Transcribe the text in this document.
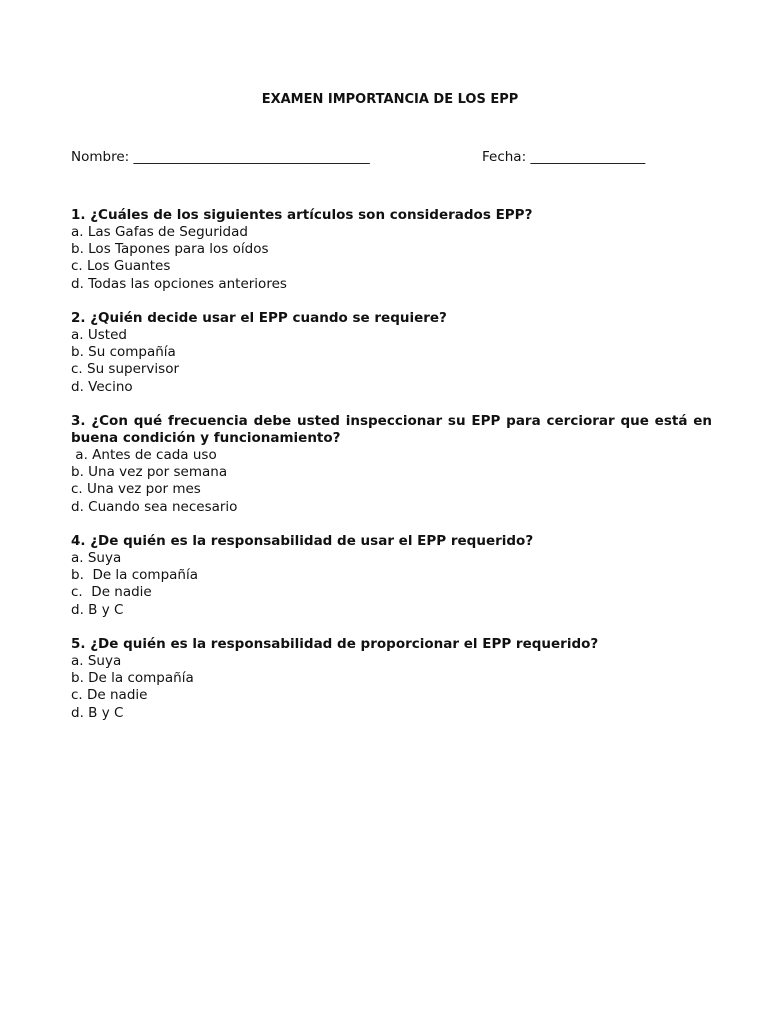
EXAMEN IMPORTANCIA DE LOS EPP
Nombre: ___________________________________	Fecha: _________________
1. ¿Cuáles de los siguientes artículos son considerados EPP?
a. Las Gafas de Seguridad
b. Los Tapones para los oídos
c. Los Guantes
d. Todas las opciones anteriores
2. ¿Quién decide usar el EPP cuando se requiere?
a. Usted
b. Su compañía
c. Su supervisor
d. Vecino
3. ¿Con qué frecuencia debe usted inspeccionar su EPP para cerciorar que está en buena condición y funcionamiento?
a. Antes de cada uso
b. Una vez por semana
c. Una vez por mes
d. Cuando sea necesario
4. ¿De quién es la responsabilidad de usar el EPP requerido?
a. Suya
b.  De la compañía
c.  De nadie
d. B y C
5. ¿De quién es la responsabilidad de proporcionar el EPP requerido?
a. Suya
b. De la compañía
c. De nadie
d. B y C
